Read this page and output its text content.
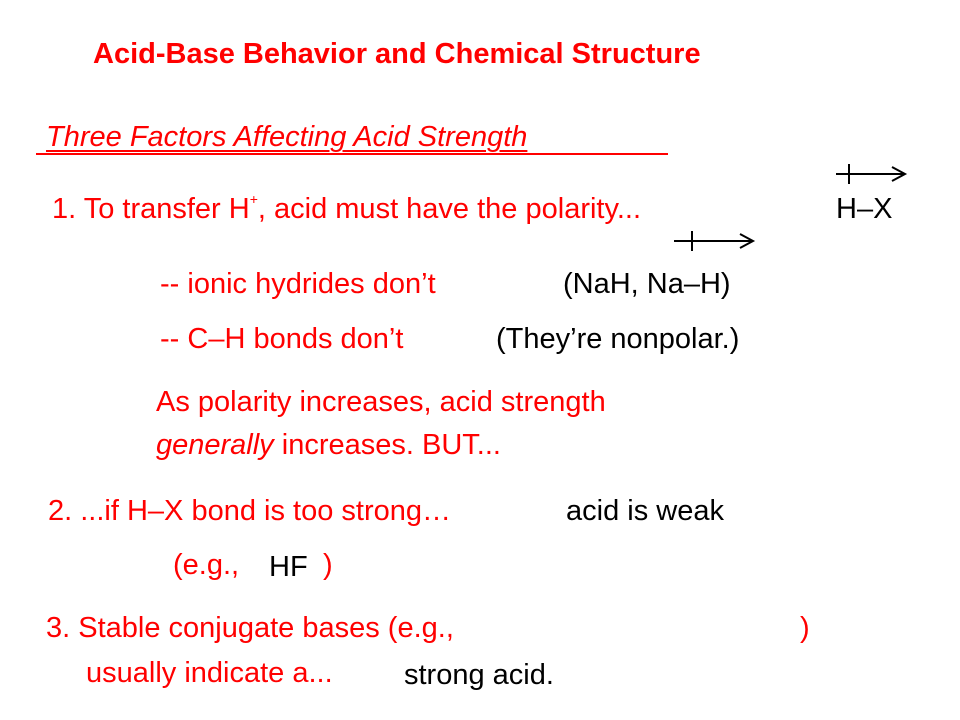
Acid-Base Behavior and Chemical Structure
Three Factors Affecting Acid Strength
1. To transfer H+, acid must have the polarity...	H–X
-- ionic hydrides don’t	(NaH, Na–H)
-- C–H bonds don’t	(They’re nonpolar.)
As polarity increases, acid strength
generally increases. BUT...
2. ...if H–X bond is too strong…	acid is weak
(e.g., HF )
3. Stable conjugate bases (e.g.,	)
usually indicate a... strong acid.
